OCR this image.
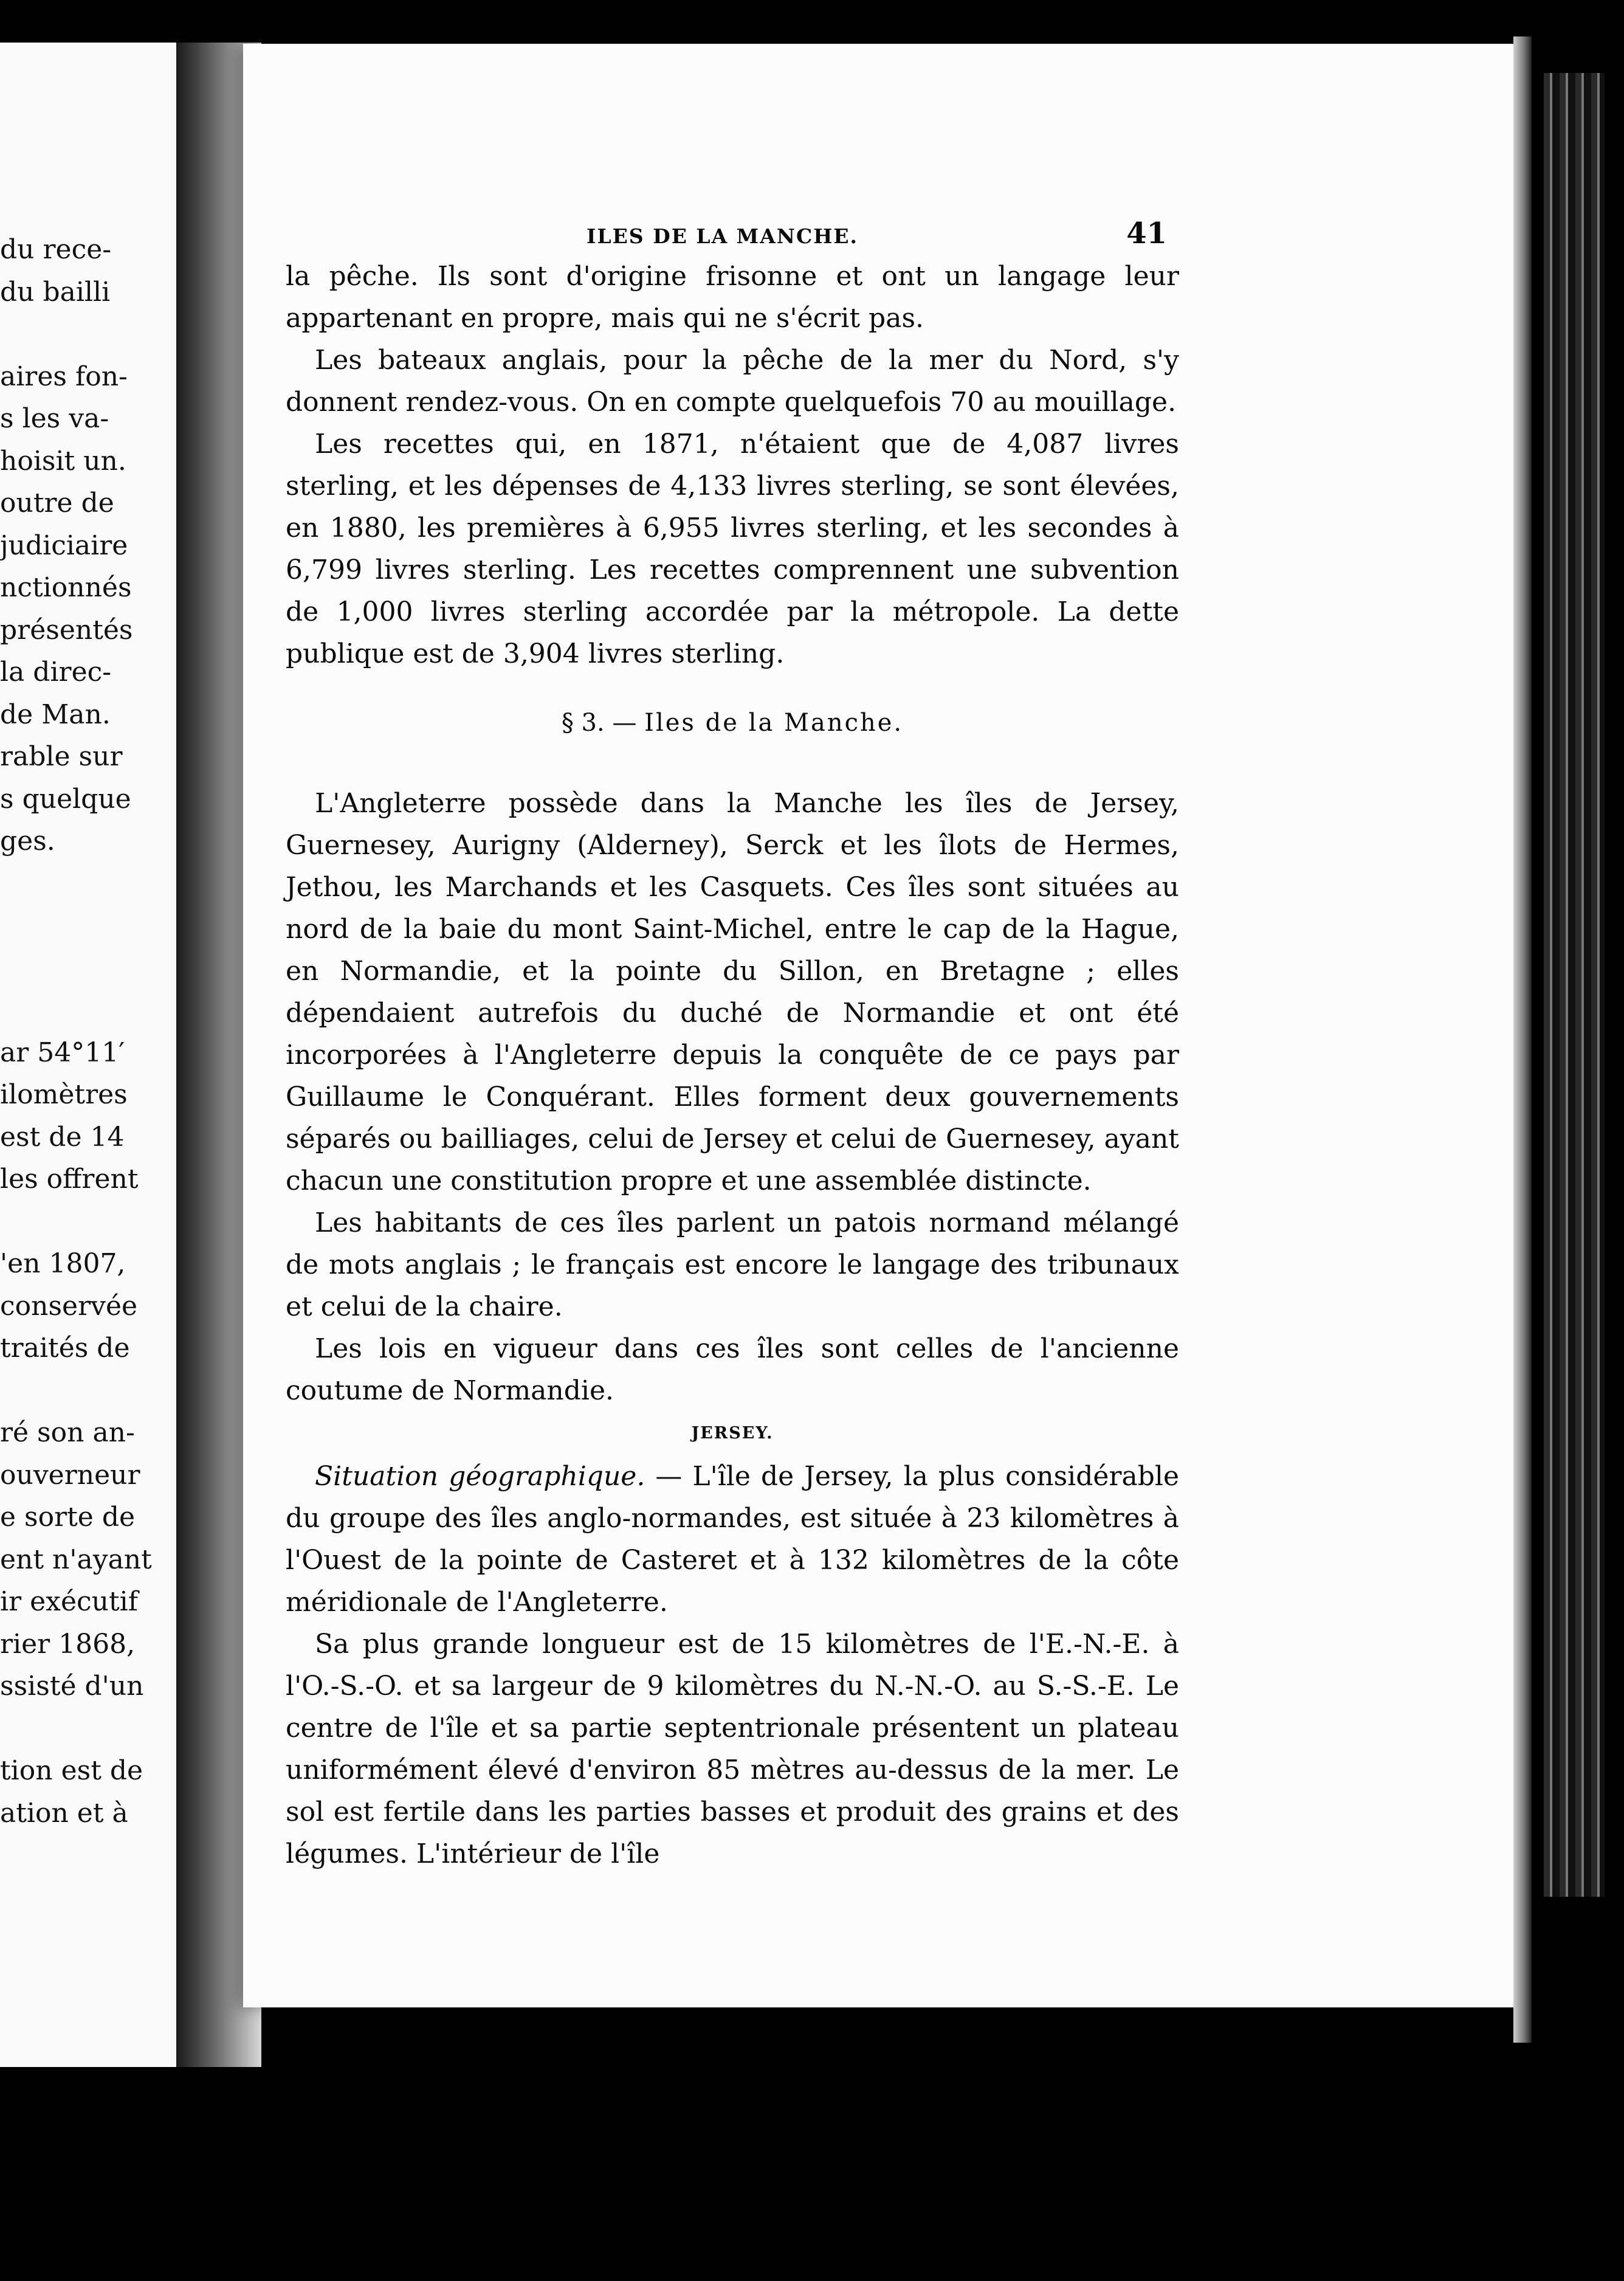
du rece-
du bailli
aires fon-
s les va-
hoisit un.
outre de
judiciaire
nctionnés
présentés
la direc-
de Man.
rable sur
s quelque
ges.
ar 54°11′
ilomètres
est de 14
les offrent
'en 1807,
conservée
traités de
ré son an-
ouverneur
e sorte de
ent n'ayant
ir exécutif
rier 1868,
ssisté d'un
tion est de
ation et à
ILES DE LA MANCHE.	41

la pêche. Ils sont d'origine frisonne et ont un langage leur appartenant en propre, mais qui ne s'écrit pas.

Les bateaux anglais, pour la pêche de la mer du Nord, s'y donnent rendez-vous. On en compte quelquefois 70 au mouillage.

Les recettes qui, en 1871, n'étaient que de 4,087 livres sterling, et les dépenses de 4,133 livres sterling, se sont élevées, en 1880, les premières à 6,955 livres sterling, et les secondes à 6,799 livres sterling. Les recettes comprennent une subvention de 1,000 livres sterling accordée par la métropole. La dette publique est de 3,904 livres sterling.

§ 3. — Iles de la Manche.

L'Angleterre possède dans la Manche les îles de Jersey, Guernesey, Aurigny (Alderney), Serck et les îlots de Hermes, Jethou, les Marchands et les Casquets. Ces îles sont situées au nord de la baie du mont Saint-Michel, entre le cap de la Hague, en Normandie, et la pointe du Sillon, en Bretagne ; elles dépendaient autrefois du duché de Normandie et ont été incorporées à l'Angleterre depuis la conquête de ce pays par Guillaume le Conquérant. Elles forment deux gouvernements séparés ou bailliages, celui de Jersey et celui de Guernesey, ayant chacun une constitution propre et une assemblée distincte.

Les habitants de ces îles parlent un patois normand mélangé de mots anglais ; le français est encore le langage des tribunaux et celui de la chaire.

Les lois en vigueur dans ces îles sont celles de l'ancienne coutume de Normandie.

JERSEY.

Situation géographique. — L'île de Jersey, la plus considérable du groupe des îles anglo-normandes, est située à 23 kilomètres à l'Ouest de la pointe de Casteret et à 132 kilomètres de la côte méridionale de l'Angleterre.

Sa plus grande longueur est de 15 kilomètres de l'E.-N.-E. à l'O.-S.-O. et sa largeur de 9 kilomètres du N.-N.-O. au S.-S.-E. Le centre de l'île et sa partie septentrionale présentent un plateau uniformément élevé d'environ 85 mètres au-dessus de la mer. Le sol est fertile dans les parties basses et produit des grains et des légumes. L'intérieur de l'île
